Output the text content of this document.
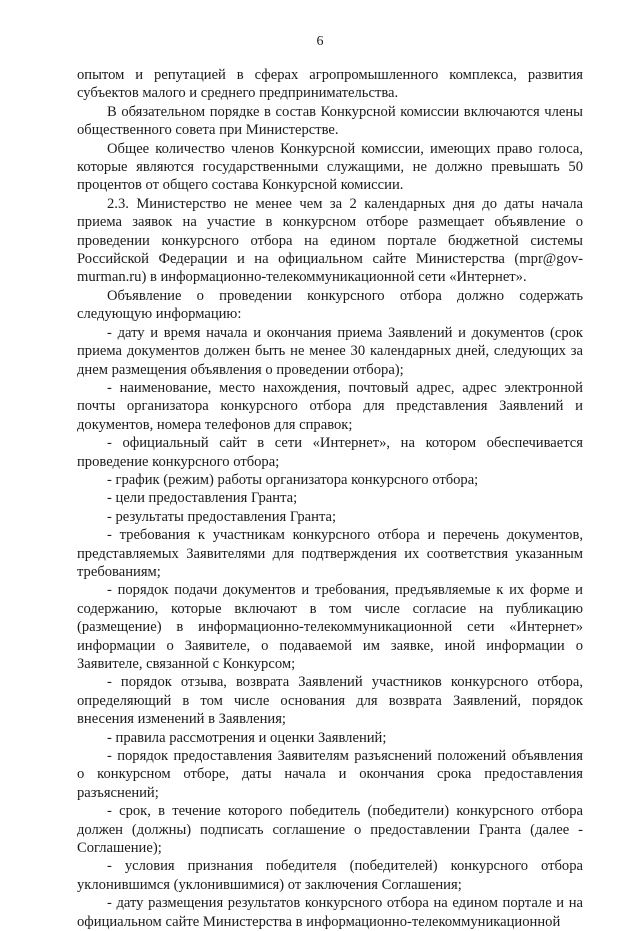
6

опытом и репутацией в сферах агропромышленного комплекса, развития субъектов малого и среднего предпринимательства.

В обязательном порядке в состав Конкурсной комиссии включаются члены общественного совета при Министерстве.

Общее количество членов Конкурсной комиссии, имеющих право голоса, которые являются государственными служащими, не должно превышать 50 процентов от общего состава Конкурсной комиссии.

2.3. Министерство не менее чем за 2 календарных дня до даты начала приема заявок на участие в конкурсном отборе размещает объявление о проведении конкурсного отбора на едином портале бюджетной системы Российской Федерации и на официальном сайте Министерства (mpr@gov-murman.ru) в информационно-телекоммуникационной сети «Интернет».

Объявление о проведении конкурсного отбора должно содержать следующую информацию:

- дату и время начала и окончания приема Заявлений и документов (срок приема документов должен быть не менее 30 календарных дней, следующих за днем размещения объявления о проведении отбора);

- наименование, место нахождения, почтовый адрес, адрес электронной почты организатора конкурсного отбора для представления Заявлений и документов, номера телефонов для справок;

- официальный сайт в сети «Интернет», на котором обеспечивается проведение конкурсного отбора;

- график (режим) работы организатора конкурсного отбора;

- цели предоставления Гранта;

- результаты предоставления Гранта;

- требования к участникам конкурсного отбора и перечень документов, представляемых Заявителями для подтверждения их соответствия указанным требованиям;

- порядок подачи документов и требования, предъявляемые к их форме и содержанию, которые включают в том числе согласие на публикацию (размещение) в информационно-телекоммуникационной сети «Интернет» информации о Заявителе, о подаваемой им заявке, иной информации о Заявителе, связанной с Конкурсом;

- порядок отзыва, возврата Заявлений участников конкурсного отбора, определяющий в том числе основания для возврата Заявлений, порядок внесения изменений в Заявления;

- правила рассмотрения и оценки Заявлений;

- порядок предоставления Заявителям разъяснений положений объявления о конкурсном отборе, даты начала и окончания срока предоставления разъяснений;

- срок, в течение которого победитель (победители) конкурсного отбора должен (должны) подписать соглашение о предоставлении Гранта (далее - Соглашение);

- условия признания победителя (победителей) конкурсного отбора уклонившимся (уклонившимися) от заключения Соглашения;

- дату размещения результатов конкурсного отбора на едином портале и на официальном сайте Министерства в информационно-телекоммуникационной
